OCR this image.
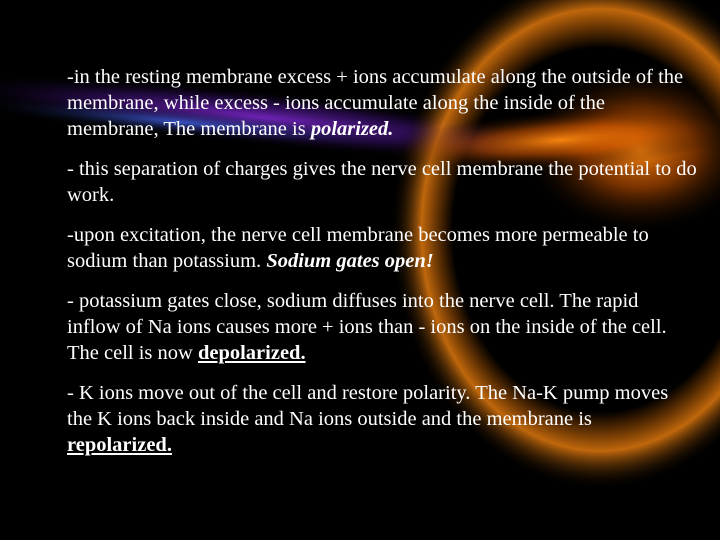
-in the resting membrane excess + ions accumulate along the outside of the membrane, while excess - ions accumulate along the inside of the membrane, The membrane is polarized.

- this separation of charges gives the nerve cell membrane the potential to do work.

-upon excitation, the nerve cell membrane becomes more permeable to sodium than potassium. Sodium gates open!

- potassium gates close, sodium diffuses into the nerve cell. The rapid inflow of Na ions causes more + ions than - ions on the inside of the cell. The cell is now depolarized.

- K ions move out of the cell and restore polarity. The Na-K pump moves the K ions back inside and Na ions outside and the membrane is repolarized.
